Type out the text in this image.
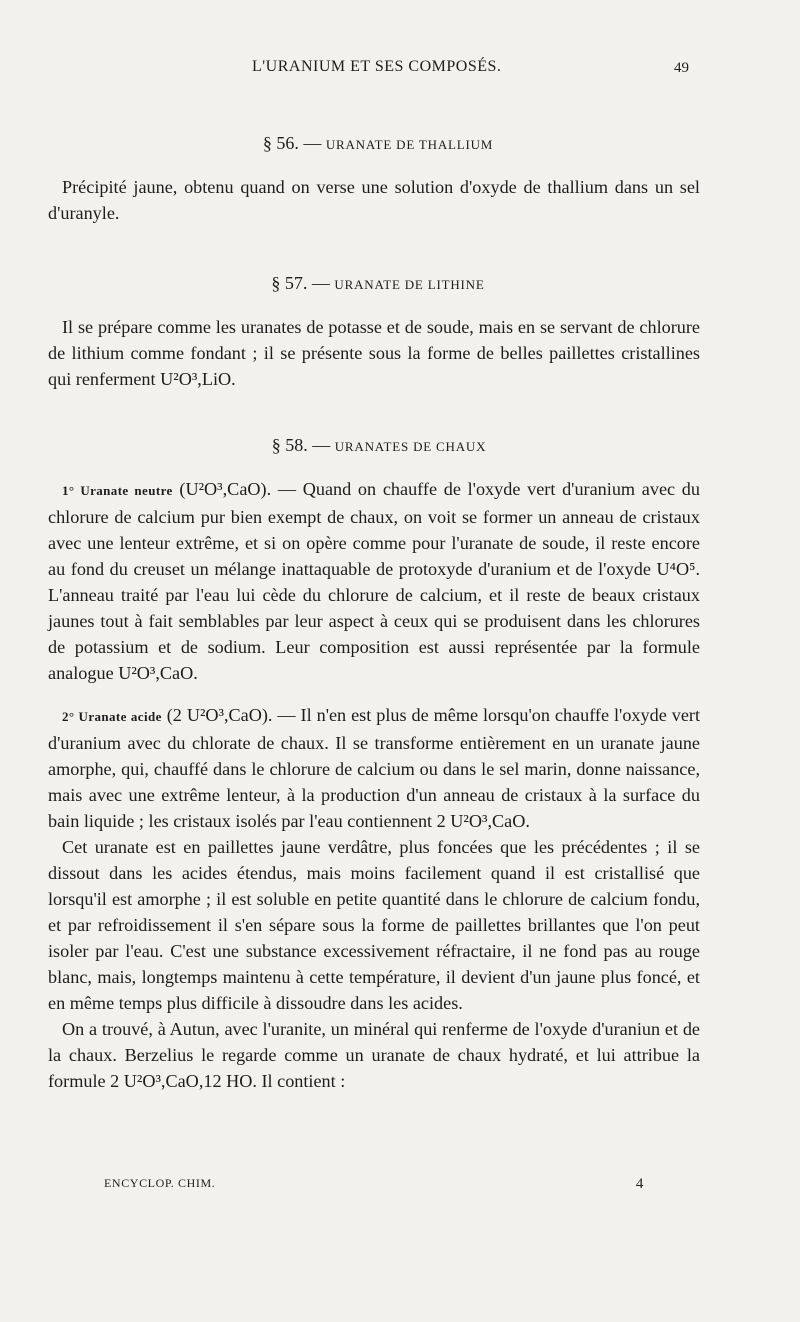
L'URANIUM ET SES COMPOSÉS.	49
§ 56. — URANATE DE THALLIUM

Précipité jaune, obtenu quand on verse une solution d'oxyde de thallium dans un sel d'uranyle.

§ 57. — URANATE DE LITHINE

Il se prépare comme les uranates de potasse et de soude, mais en se servant de chlorure de lithium comme fondant ; il se présente sous la forme de belles paillettes cristallines qui renferment U²O³,LiO.

§ 58. — URANATES DE CHAUX

1° Uranate neutre (U²O³,CaO). — Quand on chauffe de l'oxyde vert d'uranium avec du chlorure de calcium pur bien exempt de chaux, on voit se former un anneau de cristaux avec une lenteur extrême, et si on opère comme pour l'uranate de soude, il reste encore au fond du creuset un mélange inattaquable de protoxyde d'uranium et de l'oxyde U⁴O⁵. L'anneau traité par l'eau lui cède du chlorure de calcium, et il reste de beaux cristaux jaunes tout à fait semblables par leur aspect à ceux qui se produisent dans les chlorures de potassium et de sodium. Leur composition est aussi représentée par la formule analogue U²O³,CaO.

2° Uranate acide (2 U²O³,CaO). — Il n'en est plus de même lorsqu'on chauffe l'oxyde vert d'uranium avec du chlorate de chaux. Il se transforme entièrement en un uranate jaune amorphe, qui, chauffé dans le chlorure de calcium ou dans le sel marin, donne naissance, mais avec une extrême lenteur, à la production d'un anneau de cristaux à la surface du bain liquide ; les cristaux isolés par l'eau contiennent 2 U²O³,CaO.

Cet uranate est en paillettes jaune verdâtre, plus foncées que les précédentes ; il se dissout dans les acides étendus, mais moins facilement quand il est cristallisé que lorsqu'il est amorphe ; il est soluble en petite quantité dans le chlorure de calcium fondu, et par refroidissement il s'en sépare sous la forme de paillettes brillantes que l'on peut isoler par l'eau. C'est une substance excessivement réfractaire, il ne fond pas au rouge blanc, mais, longtemps maintenu à cette température, il devient d'un jaune plus foncé, et en même temps plus difficile à dissoudre dans les acides.

On a trouvé, à Autun, avec l'uranite, un minéral qui renferme de l'oxyde d'uraniun et de la chaux. Berzelius le regarde comme un uranate de chaux hydraté, et lui attribue la formule 2 U²O³,CaO,12 HO. Il contient :

ENCYCLOP. CHIM.	4
